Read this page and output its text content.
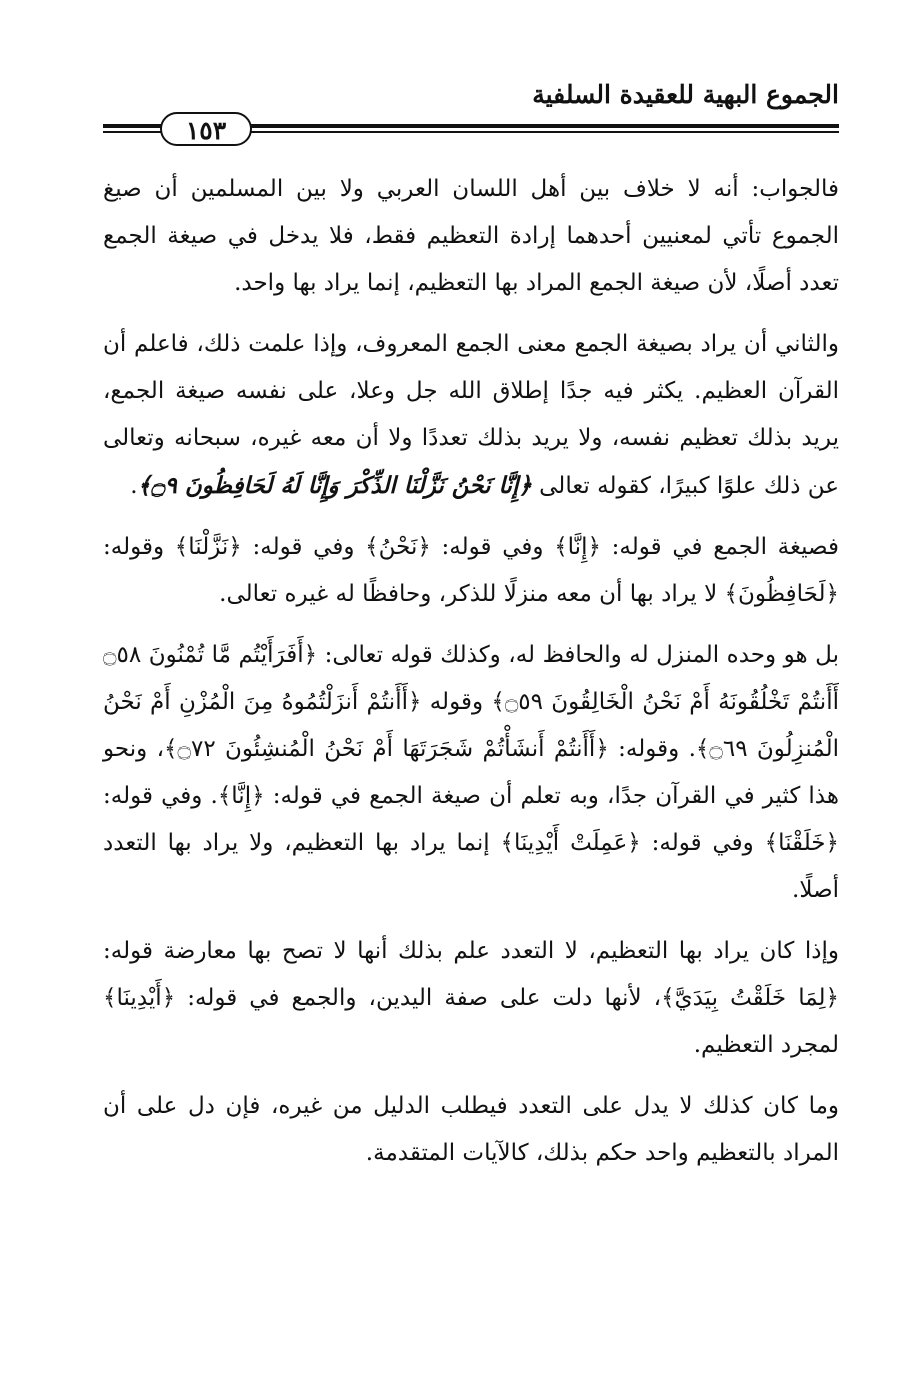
الجموع البهية للعقيدة السلفية
١٥٣

فالجواب: أنه لا خلاف بين أهل اللسان العربي ولا بين المسلمين أن صيغ الجموع تأتي لمعنيين أحدهما إرادة التعظيم فقط، فلا يدخل في صيغة الجمع تعدد أصلًا، لأن صيغة الجمع المراد بها التعظيم، إنما يراد بها واحد.

والثاني أن يراد بصيغة الجمع معنى الجمع المعروف، وإذا علمت ذلك، فاعلم أن القرآن العظيم. يكثر فيه جدًا إطلاق الله جل وعلا، على نفسه صيغة الجمع، يريد بذلك تعظيم نفسه، ولا يريد بذلك تعددًا ولا أن معه غيره، سبحانه وتعالى عن ذلك علوًا كبيرًا، كقوله تعالى ﴿إِنَّا نَحْنُ نَزَّلْنَا الذِّكْرَ وَإِنَّا لَهُ لَحَافِظُونَ ۝٩﴾.

فصيغة الجمع في قوله: ﴿إِنَّا﴾ وفي قوله: ﴿نَحْنُ﴾ وفي قوله: ﴿نَزَّلْنَا﴾ وقوله: ﴿لَحَافِظُونَ﴾ لا يراد بها أن معه منزلًا للذكر، وحافظًا له غيره تعالى.

بل هو وحده المنزل له والحافظ له، وكذلك قوله تعالى: ﴿أَفَرَأَيْتُم مَّا تُمْنُونَ ۝٥٨ أَأَنتُمْ تَخْلُقُونَهُ أَمْ نَحْنُ الْخَالِقُونَ ۝٥٩﴾ وقوله ﴿أَأَنتُمْ أَنزَلْتُمُوهُ مِنَ الْمُزْنِ أَمْ نَحْنُ الْمُنزِلُونَ ۝٦٩﴾. وقوله: ﴿أَأَنتُمْ أَنشَأْتُمْ شَجَرَتَهَا أَمْ نَحْنُ الْمُنشِئُونَ ۝٧٢﴾، ونحو هذا كثير في القرآن جدًا، وبه تعلم أن صيغة الجمع في قوله: ﴿إِنَّا﴾. وفي قوله: ﴿خَلَقْنَا﴾ وفي قوله: ﴿عَمِلَتْ أَيْدِينَا﴾ إنما يراد بها التعظيم، ولا يراد بها التعدد أصلًا.

وإذا كان يراد بها التعظيم، لا التعدد علم بذلك أنها لا تصح بها معارضة قوله: ﴿لِمَا خَلَقْتُ بِيَدَيَّ﴾، لأنها دلت على صفة اليدين، والجمع في قوله: ﴿أَيْدِينَا﴾ لمجرد التعظيم.

وما كان كذلك لا يدل على التعدد فيطلب الدليل من غيره، فإن دل على أن المراد بالتعظيم واحد حكم بذلك، كالآيات المتقدمة.
